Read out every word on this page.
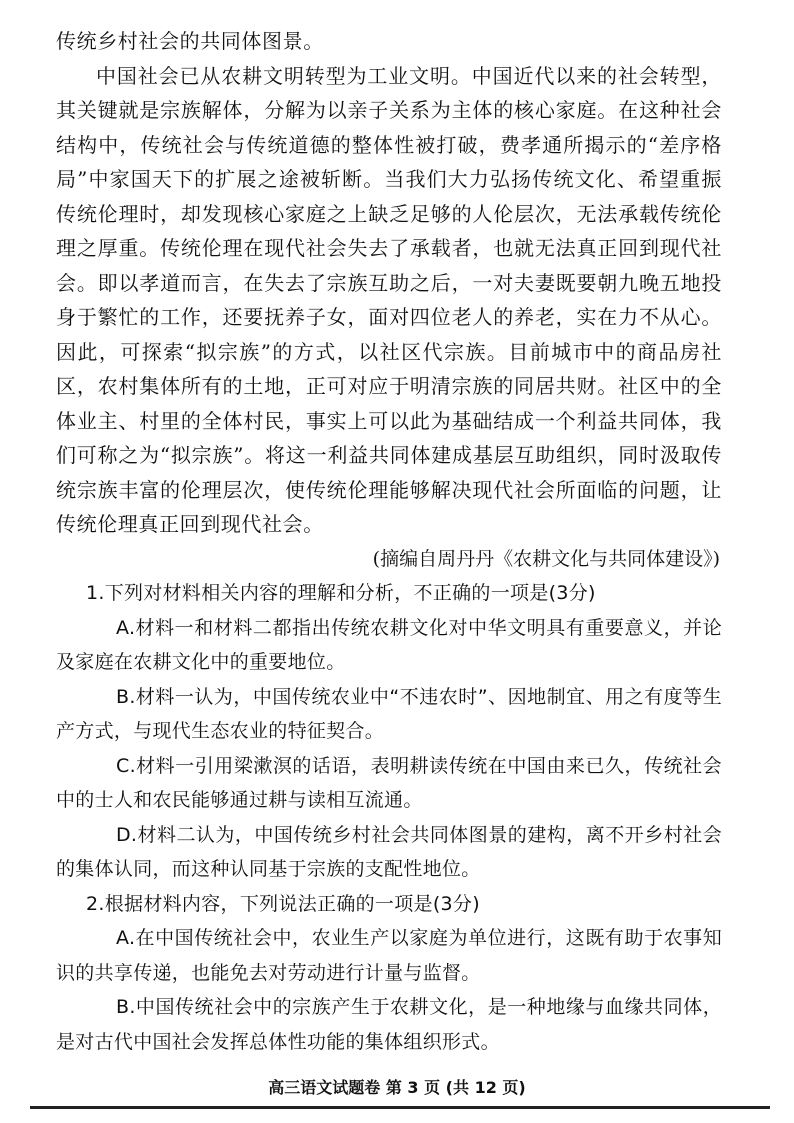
传统乡村社会的共同体图景。

中国社会已从农耕文明转型为工业文明。中国近代以来的社会转型，其关键就是宗族解体，分解为以亲子关系为主体的核心家庭。在这种社会结构中，传统社会与传统道德的整体性被打破，费孝通所揭示的“差序格局”中家国天下的扩展之途被斩断。当我们大力弘扬传统文化、希望重振传统伦理时，却发现核心家庭之上缺乏足够的人伦层次，无法承载传统伦理之厚重。传统伦理在现代社会失去了承载者，也就无法真正回到现代社会。即以孝道而言，在失去了宗族互助之后，一对夫妻既要朝九晚五地投身于繁忙的工作，还要抚养子女，面对四位老人的养老，实在力不从心。因此，可探索“拟宗族”的方式，以社区代宗族。目前城市中的商品房社区，农村集体所有的土地，正可对应于明清宗族的同居共财。社区中的全体业主、村里的全体村民，事实上可以此为基础结成一个利益共同体，我们可称之为“拟宗族”。将这一利益共同体建成基层互助组织，同时汲取传统宗族丰富的伦理层次，使传统伦理能够解决现代社会所面临的问题，让传统伦理真正回到现代社会。

(摘编自周丹丹《农耕文化与共同体建设》)

1.下列对材料相关内容的理解和分析，不正确的一项是(3分)

A.材料一和材料二都指出传统农耕文化对中华文明具有重要意义，并论及家庭在农耕文化中的重要地位。

B.材料一认为，中国传统农业中“不违农时”、因地制宜、用之有度等生产方式，与现代生态农业的特征契合。

C.材料一引用梁漱溟的话语，表明耕读传统在中国由来已久，传统社会中的士人和农民能够通过耕与读相互流通。

D.材料二认为，中国传统乡村社会共同体图景的建构，离不开乡村社会的集体认同，而这种认同基于宗族的支配性地位。

2.根据材料内容，下列说法正确的一项是(3分)

A.在中国传统社会中，农业生产以家庭为单位进行，这既有助于农事知识的共享传递，也能免去对劳动进行计量与监督。

B.中国传统社会中的宗族产生于农耕文化，是一种地缘与血缘共同体，是对古代中国社会发挥总体性功能的集体组织形式。

高三语文试题卷 第 3 页 (共 12 页)
